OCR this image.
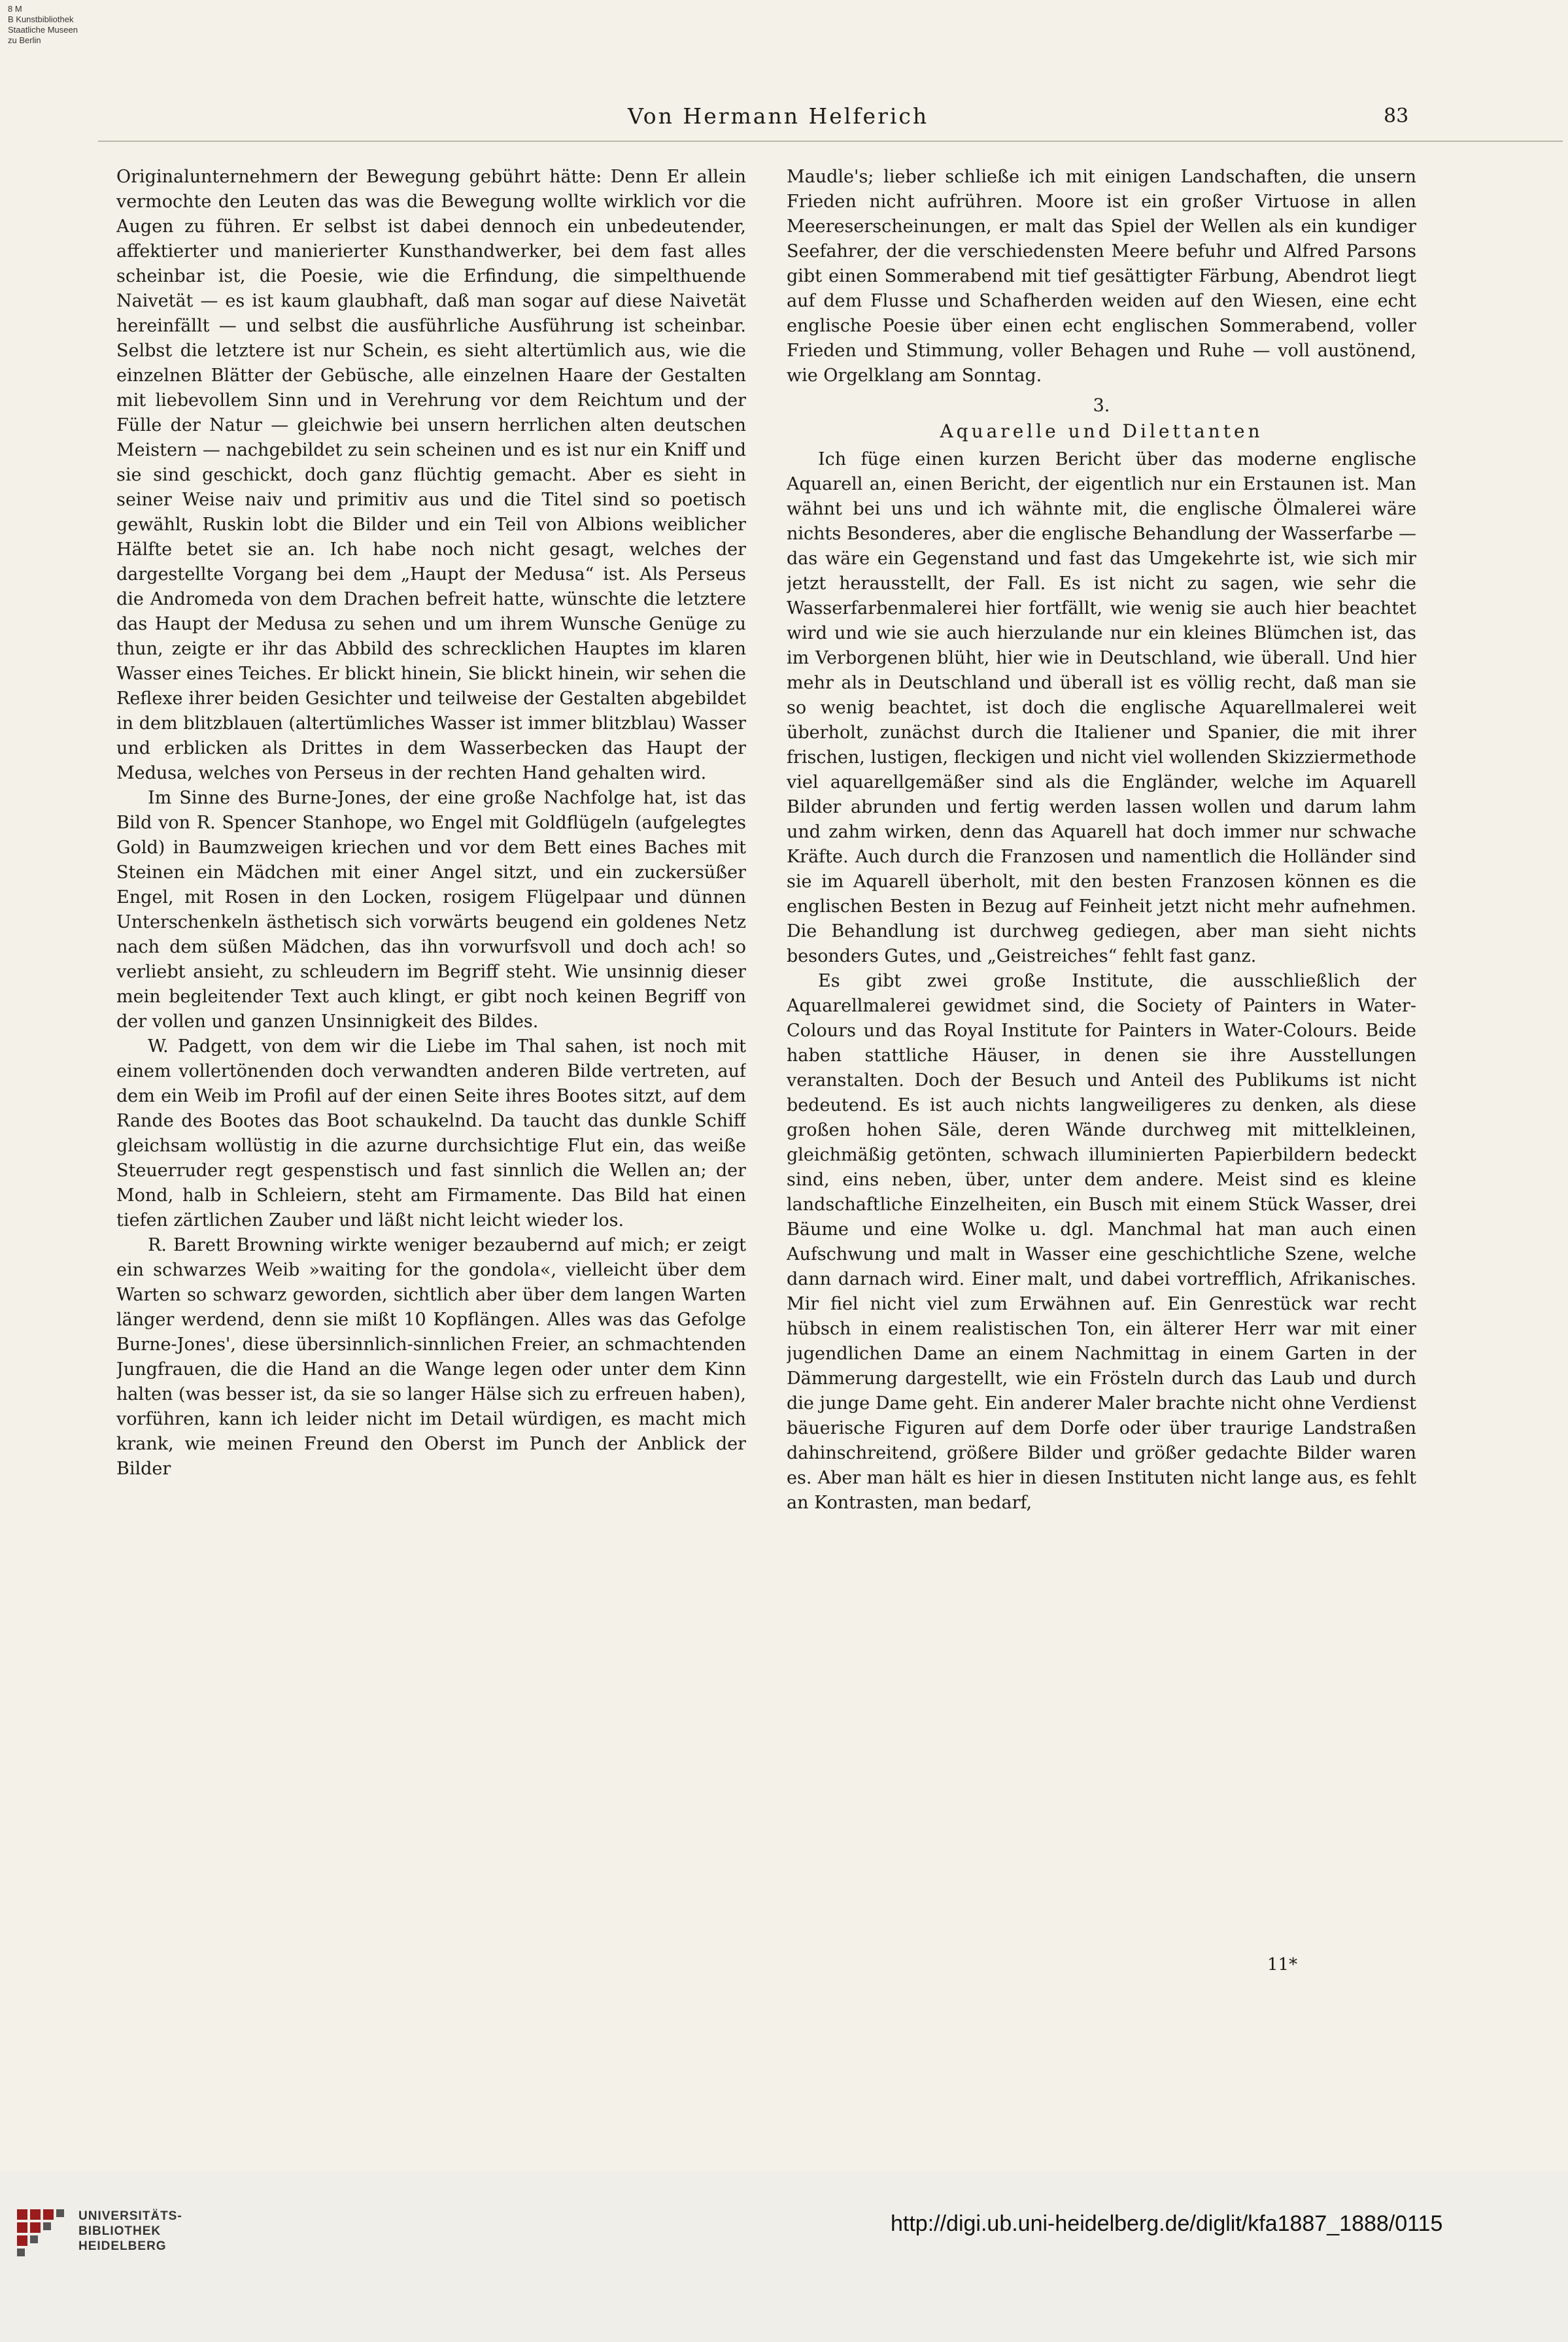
8 M
B Kunstbibliothek
Staatliche Museen
zu Berlin
Von Hermann Helferich	83

Originalunternehmern der Bewegung gebührt hätte: Denn Er allein vermochte den Leuten das was die Bewegung wollte wirklich vor die Augen zu führen. Er selbst ist dabei dennoch ein unbedeutender, affektierter und manierierter Kunsthandwerker, bei dem fast alles scheinbar ist, die Poesie, wie die Erfindung, die simpelthuende Naivetät — es ist kaum glaubhaft, daß man sogar auf diese Naivetät hereinfällt — und selbst die ausführliche Ausführung ist scheinbar. Selbst die letztere ist nur Schein, es sieht altertümlich aus, wie die einzelnen Blätter der Gebüsche, alle einzelnen Haare der Gestalten mit liebevollem Sinn und in Verehrung vor dem Reichtum und der Fülle der Natur — gleichwie bei unsern herrlichen alten deutschen Meistern — nachgebildet zu sein scheinen und es ist nur ein Kniff und sie sind geschickt, doch ganz flüchtig gemacht. Aber es sieht in seiner Weise naiv und primitiv aus und die Titel sind so poetisch gewählt, Ruskin lobt die Bilder und ein Teil von Albions weiblicher Hälfte betet sie an. Ich habe noch nicht gesagt, welches der dargestellte Vorgang bei dem „Haupt der Medusa“ ist. Als Perseus die Andromeda von dem Drachen befreit hatte, wünschte die letztere das Haupt der Medusa zu sehen und um ihrem Wunsche Genüge zu thun, zeigte er ihr das Abbild des schrecklichen Hauptes im klaren Wasser eines Teiches. Er blickt hinein, Sie blickt hinein, wir sehen die Reflexe ihrer beiden Gesichter und teilweise der Gestalten abgebildet in dem blitzblauen (altertümliches Wasser ist immer blitzblau) Wasser und erblicken als Drittes in dem Wasserbecken das Haupt der Medusa, welches von Perseus in der rechten Hand gehalten wird.

Im Sinne des Burne-Jones, der eine große Nachfolge hat, ist das Bild von R. Spencer Stanhope, wo Engel mit Goldflügeln (aufgelegtes Gold) in Baumzweigen kriechen und vor dem Bett eines Baches mit Steinen ein Mädchen mit einer Angel sitzt, und ein zuckersüßer Engel, mit Rosen in den Locken, rosigem Flügelpaar und dünnen Unterschenkeln ästhetisch sich vorwärts beugend ein goldenes Netz nach dem süßen Mädchen, das ihn vorwurfsvoll und doch ach! so verliebt ansieht, zu schleudern im Begriff steht. Wie unsinnig dieser mein begleitender Text auch klingt, er gibt noch keinen Begriff von der vollen und ganzen Unsinnigkeit des Bildes.

W. Padgett, von dem wir die Liebe im Thal sahen, ist noch mit einem vollertönenden doch verwandten anderen Bilde vertreten, auf dem ein Weib im Profil auf der einen Seite ihres Bootes sitzt, auf dem Rande des Bootes das Boot schaukelnd. Da taucht das dunkle Schiff gleichsam wollüstig in die azurne durchsichtige Flut ein, das weiße Steuerruder regt gespenstisch und fast sinnlich die Wellen an; der Mond, halb in Schleiern, steht am Firmamente. Das Bild hat einen tiefen zärtlichen Zauber und läßt nicht leicht wieder los.

R. Barett Browning wirkte weniger bezaubernd auf mich; er zeigt ein schwarzes Weib »waiting for the gondola«, vielleicht über dem Warten so schwarz geworden, sichtlich aber über dem langen Warten länger werdend, denn sie mißt 10 Kopflängen. Alles was das Gefolge Burne-Jones', diese übersinnlich-sinnlichen Freier, an schmachtenden Jungfrauen, die die Hand an die Wange legen oder unter dem Kinn halten (was besser ist, da sie so langer Hälse sich zu erfreuen haben), vorführen, kann ich leider nicht im Detail würdigen, es macht mich krank, wie meinen Freund den Oberst im Punch der Anblick der Bilder

Maudle's; lieber schließe ich mit einigen Landschaften, die unsern Frieden nicht aufrühren. Moore ist ein großer Virtuose in allen Meereserscheinungen, er malt das Spiel der Wellen als ein kundiger Seefahrer, der die verschiedensten Meere befuhr und Alfred Parsons gibt einen Sommerabend mit tief gesättigter Färbung, Abendrot liegt auf dem Flusse und Schafherden weiden auf den Wiesen, eine echt englische Poesie über einen echt englischen Sommerabend, voller Frieden und Stimmung, voller Behagen und Ruhe — voll austönend, wie Orgelklang am Sonntag.

3.
Aquarelle und Dilettanten

Ich füge einen kurzen Bericht über das moderne englische Aquarell an, einen Bericht, der eigentlich nur ein Erstaunen ist. Man wähnt bei uns und ich wähnte mit, die englische Ölmalerei wäre nichts Besonderes, aber die englische Behandlung der Wasserfarbe — das wäre ein Gegenstand und fast das Umgekehrte ist, wie sich mir jetzt herausstellt, der Fall. Es ist nicht zu sagen, wie sehr die Wasserfarbenmalerei hier fortfällt, wie wenig sie auch hier beachtet wird und wie sie auch hierzulande nur ein kleines Blümchen ist, das im Verborgenen blüht, hier wie in Deutschland, wie überall. Und hier mehr als in Deutschland und überall ist es völlig recht, daß man sie so wenig beachtet, ist doch die englische Aquarellmalerei weit überholt, zunächst durch die Italiener und Spanier, die mit ihrer frischen, lustigen, fleckigen und nicht viel wollenden Skizziermethode viel aquarellgemäßer sind als die Engländer, welche im Aquarell Bilder abrunden und fertig werden lassen wollen und darum lahm und zahm wirken, denn das Aquarell hat doch immer nur schwache Kräfte. Auch durch die Franzosen und namentlich die Holländer sind sie im Aquarell überholt, mit den besten Franzosen können es die englischen Besten in Bezug auf Feinheit jetzt nicht mehr aufnehmen. Die Behandlung ist durchweg gediegen, aber man sieht nichts besonders Gutes, und „Geistreiches“ fehlt fast ganz.

Es gibt zwei große Institute, die ausschließlich der Aquarellmalerei gewidmet sind, die Society of Painters in Water-Colours und das Royal Institute for Painters in Water-Colours. Beide haben stattliche Häuser, in denen sie ihre Ausstellungen veranstalten. Doch der Besuch und Anteil des Publikums ist nicht bedeutend. Es ist auch nichts langweiligeres zu denken, als diese großen hohen Säle, deren Wände durchweg mit mittelkleinen, gleichmäßig getönten, schwach illuminierten Papierbildern bedeckt sind, eins neben, über, unter dem andere. Meist sind es kleine landschaftliche Einzelheiten, ein Busch mit einem Stück Wasser, drei Bäume und eine Wolke u. dgl. Manchmal hat man auch einen Aufschwung und malt in Wasser eine geschichtliche Szene, welche dann darnach wird. Einer malt, und dabei vortrefflich, Afrikanisches. Mir fiel nicht viel zum Erwähnen auf. Ein Genrestück war recht hübsch in einem realistischen Ton, ein älterer Herr war mit einer jugendlichen Dame an einem Nachmittag in einem Garten in der Dämmerung dargestellt, wie ein Frösteln durch das Laub und durch die junge Dame geht. Ein anderer Maler brachte nicht ohne Verdienst bäuerische Figuren auf dem Dorfe oder über traurige Landstraßen dahinschreitend, größere Bilder und größer gedachte Bilder waren es. Aber man hält es hier in diesen Instituten nicht lange aus, es fehlt an Kontrasten, man bedarf,

11*
UNIVERSITÄTS-
BIBLIOTHEK
HEIDELBERG
http://digi.ub.uni-heidelberg.de/diglit/kfa1887_1888/0115
